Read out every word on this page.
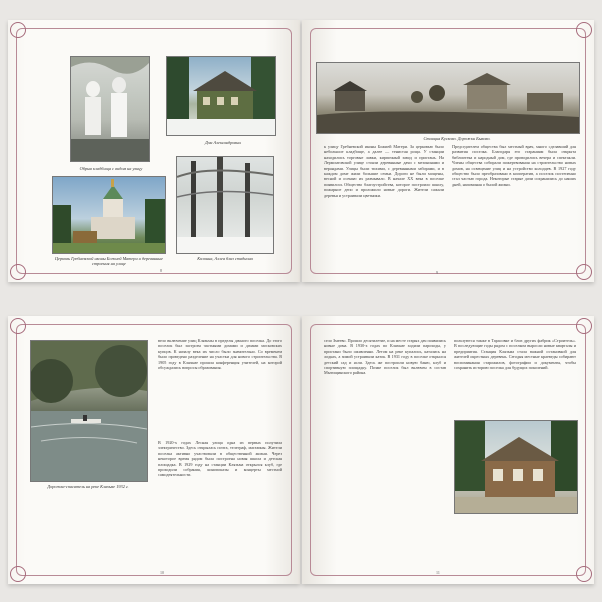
Обрыв кладбища с видом на улицу
Дом Александровых
Церковь Гребневской иконы Божией Матери и деревянные строения на улице
Колонна, Аллея близ стадиона
8
Станция Кусково. Дорожки Быково.
к улицу Гребневской иконы Божией Матери. За церковью было небольшое кладбище, а далее — тенистая роща. У станции находились торговые лавки, кирпичный завод и пристань. На Лермонтовской улице стояли деревянные дачи с мезонинами и верандами. Улицы были тихими, с деревянными заборами, и в каждом доме жили большие семьи. Дороги не были мощены, весной и осенью их размывало. В начале XX века в поселке появилось Общество благоустройства, которое построило школу, пожарное депо и проложило новые дороги. Жители сажали деревья и устраивали цветники.
Председателем общества был местный врач, много сделавший для развития поселка. Благодаря его стараниям была открыта библиотека и народный дом, где проводились вечера и спектакли. Члены общества собирали пожертвования на строительство новых домов, на освещение улиц и на устройство колодцев. В 1927 году общество было преобразовано в кооператив, а поселок постепенно стал частью города. Некоторые старые дачи сохранились до наших дней, напоминая о былой жизни.
9
Дорожка-спасатель на реке Клязьме 1932 г.
вело включение улиц Клязьмы в пределы дачного поселка. До этого поселок был застроен частными домами и дачами московских купцов. К началу века их число было значительно. Со временем было проведено разделение на участки для нового строительства. В 1905 году в Клязьме прошла конференция учителей, на которой обсуждались вопросы образования.
В 1920-х годах Лесная улица одна из первых получила электричество. Здесь открылась почта, телеграф, магазины. Жители поселка активно участвовали в общественной жизни. Через некоторое время рядом была построена новая школа и детская площадка. В 1929 году на станции Клязьма открылся клуб, где проходили собрания, кинопоказы и концерты местной самодеятельности.
10
село Змеево. Прошло десятилетие, и на месте старых дач появились новые дома. В 1930-х годах по Клязьме ходили пароходы, у пристани было оживленно. Летом на реке купались, катались на лодках, а зимой устраивали каток. В 1931 году в поселке открылся детский сад и ясли. Здесь же построили новую баню, клуб и спортивную площадку. Позже поселок был включен в состав Мытищинского района.
пользуются также в Тарасовке и близ других фабрик «Строитель». В последующие годы рядом с поселком выросли новые кварталы и предприятия. Станция Клязьма стала важной остановкой для жителей окрестных деревень. Сегодня местные краеведы собирают воспоминания старожилов, фотографии и документы, чтобы сохранить историю поселка для будущих поколений.
11
